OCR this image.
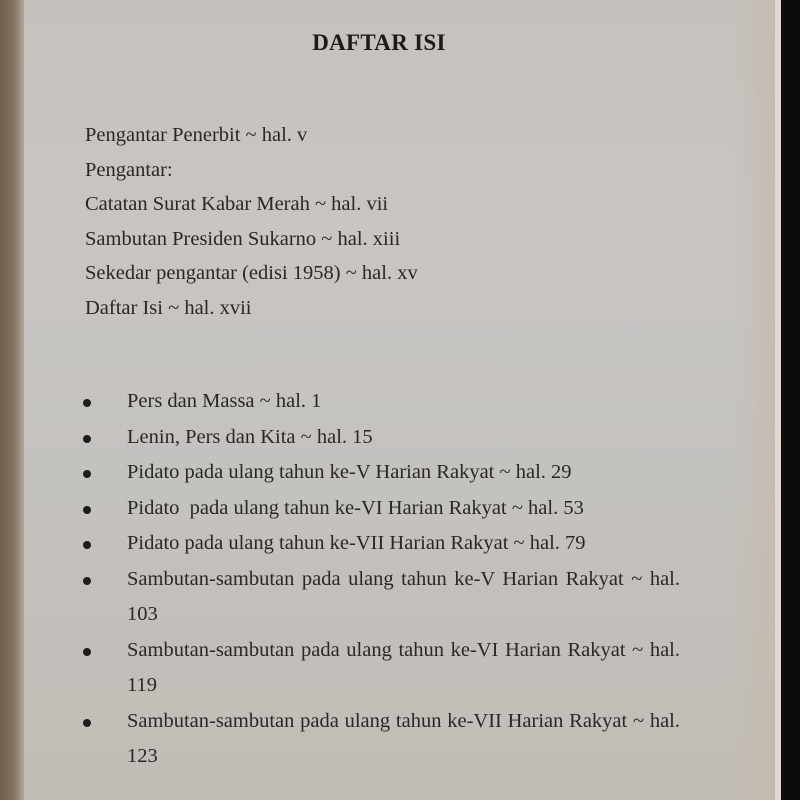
DAFTAR ISI
Pengantar Penerbit ~ hal. v
Pengantar:
Catatan Surat Kabar Merah ~ hal. vii
Sambutan Presiden Sukarno ~ hal. xiii
Sekedar pengantar (edisi 1958) ~ hal. xv
Daftar Isi ~ hal. xvii
Pers dan Massa ~ hal. 1
Lenin, Pers dan Kita ~ hal. 15
Pidato pada ulang tahun ke-V Harian Rakyat ~ hal. 29
Pidato  pada ulang tahun ke-VI Harian Rakyat ~ hal. 53
Pidato pada ulang tahun ke-VII Harian Rakyat ~ hal. 79
Sambutan-sambutan pada ulang tahun ke-V Harian Rakyat ~ hal. 103
Sambutan-sambutan pada ulang tahun ke-VI Harian Rakyat ~ hal. 119
Sambutan-sambutan pada ulang tahun ke-VII Harian Rakyat ~ hal. 123
